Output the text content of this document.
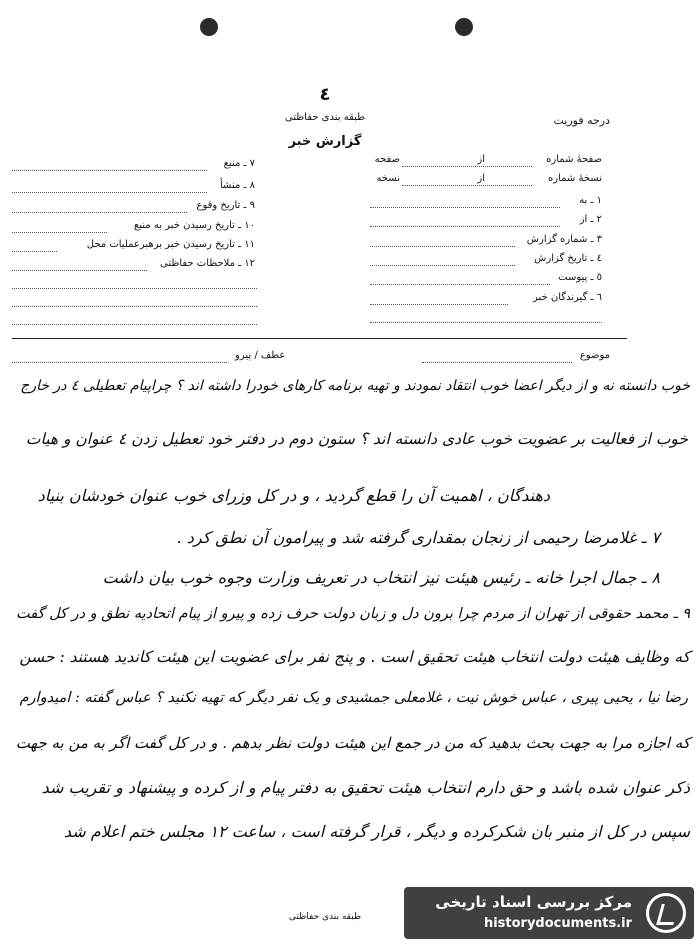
٤
طبقه بندی حفاظتی
گزارش خبر
درجه فوریت
صفحهٔ شماره
از
صفحه
نسخهٔ شماره
از
نسخه
۱ ـ به
۲ ـ از
۳ ـ شماره گزارش
٤ ـ تاریخ گزارش
٥ ـ پیوست
٦ ـ گیرندگان خبر
۷ ـ منبع
۸ ـ منشأ
۹ ـ تاریخ وقوع
۱۰ ـ تاریخ رسیدن خبر به منبع
۱۱ ـ تاریخ رسیدن خبر برهبرعملیات محل
۱۲ ـ ملاحظات حفاظتی
موضوع
عطف / پیرو
خوب دانسته نه و از دیگر اعضا خوب انتقاد نمودند و تهیه برنامه کارهای خودرا داشته اند ؟ چراپیام تعطیلی ٤ در خارج
خوب از فعالیت بر عضویت خوب عادی دانسته اند ؟ ستون دوم در دفتر خود تعطیل زدن ٤ عنوان و هیات
دهندگان ، اهمیت آن را قطع گردید ، و در کل وزرای خوب عنوان خودشان بنیاد
۷ ـ غلامرضا رحیمی از زنجان بمقداری گرفته شد و پیرامون آن نطق کرد .
۸ ـ جمال اجرا خانه ـ رئیس هیئت نیز انتخاب در تعریف وزارت وجوه خوب بیان داشت
۹ ـ محمد حقوقی از تهران از مردم چرا برون دل و زبان دولت حرف زده و پیرو از پیام اتحادیه نطق و در کل گفت
که وظایف هیئت دولت انتخاب هیئت تحقیق است . و پنج نفر برای عضویت این هیئت کاندید هستند : حسن
رضا نیا ، یحیی پیری ، عباس خوش نیت ، غلامعلی جمشیدی و یک نفر دیگر که تهیه نکنید ؟ عباس گفته : امیدوارم
که اجازه مرا به جهت بحث بدهید که من در جمع این هیئت دولت نظر بدهم . و در کل گفت اگر به من به جهت
ذکر عنوان شده باشد و حق دارم انتخاب هیئت تحقیق به دفتر پیام و از کرده و پیشنهاد و تقریب شد
سپس در کل از منبر بان شکرکرده و دیگر ، قرار گرفته است ، ساعت ۱۲ مجلس ختم اعلام شد
طبقه بندی حفاظتی
مرکز بررسی اسناد تاریخی
historydocuments.ir
